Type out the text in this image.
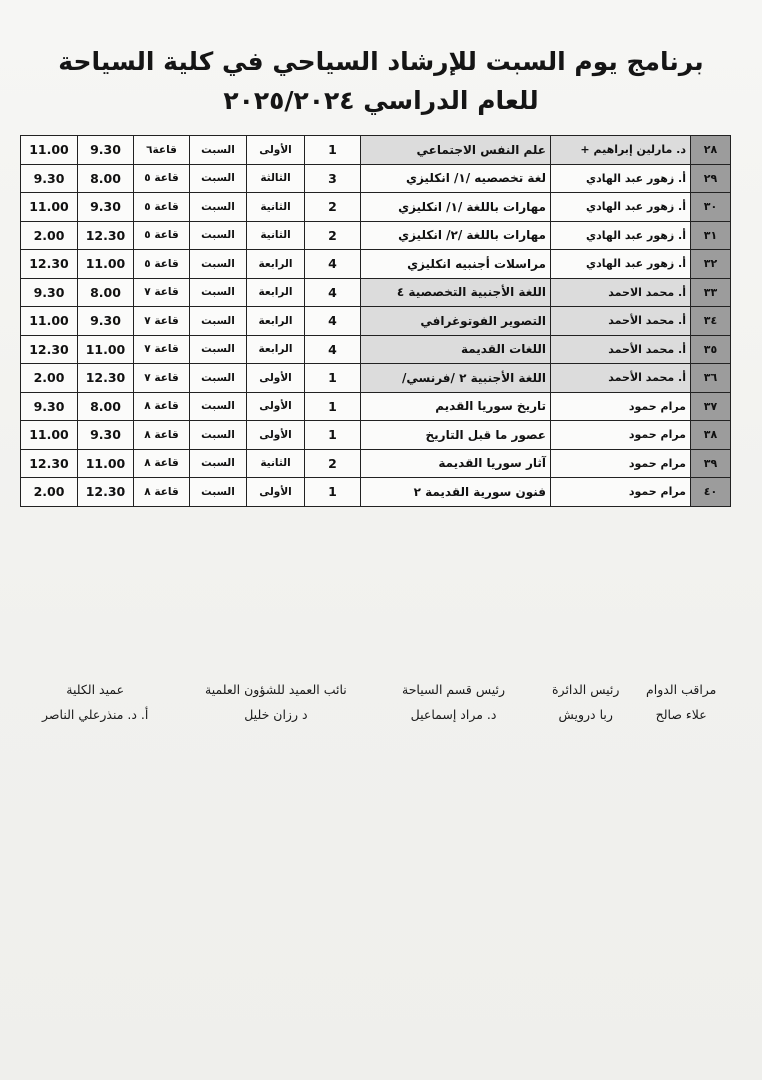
برنامج يوم السبت للإرشاد السياحي في كلية السياحة
للعام الدراسي ٢٠٢٥/٢٠٢٤
11.00	9.30	قاعة٦	السبت	الأولى	1	علم النفس الاجتماعي	د. مارلين إبراهيم +	٢٨
9.30	8.00	قاعة ٥	السبت	الثالثة	3	لغة تخصصيه /١/ انكليزي	أ. زهور عبد الهادي	٢٩
11.00	9.30	قاعة ٥	السبت	الثانية	2	مهارات باللغة /١/ انكليزي	أ. زهور عبد الهادي	٣٠
2.00	12.30	قاعة ٥	السبت	الثانية	2	مهارات باللغة /٢/ انكليزي	أ. زهور عبد الهادي	٣١
12.30	11.00	قاعة ٥	السبت	الرابعة	4	مراسلات أجنبيه انكليزي	أ. زهور عبد الهادي	٣٢
9.30	8.00	قاعة ٧	السبت	الرابعة	4	اللغة الأجنبية التخصصية ٤	أ. محمد الاحمد	٣٣
11.00	9.30	قاعة ٧	السبت	الرابعة	4	التصوير الفوتوغرافي	أ. محمد الأحمد	٣٤
12.30	11.00	قاعة ٧	السبت	الرابعة	4	اللغات القديمة	أ. محمد الأحمد	٣٥
2.00	12.30	قاعة ٧	السبت	الأولى	1	اللغة الأجنبية ٢ /فرنسي/	أ. محمد الأحمد	٣٦
9.30	8.00	قاعة ٨	السبت	الأولى	1	تاريخ سوريا القديم	مرام حمود	٣٧
11.00	9.30	قاعة ٨	السبت	الأولى	1	عصور ما قبل التاريخ	مرام حمود	٣٨
12.30	11.00	قاعة ٨	السبت	الثانية	2	آثار سوريا القديمة	مرام حمود	٣٩
2.00	12.30	قاعة ٨	السبت	الأولى	1	فنون سورية القديمة ٢	مرام حمود	٤٠
مراقب الدوام
علاء صالح
رئيس الدائرة
ربا درويش
رئيس قسم السياحة
د. مراد إسماعيل
نائب العميد للشؤون العلمية
د رزان خليل
عميد الكلية
أ. د. منذرعلي الناصر
